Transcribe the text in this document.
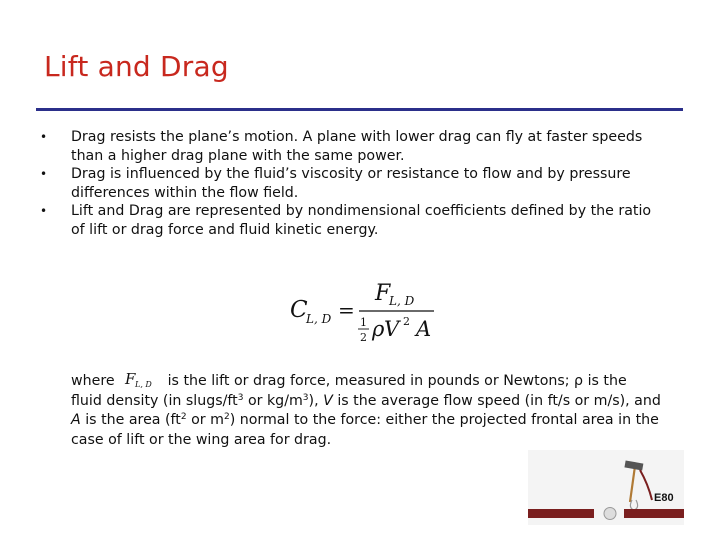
Lift and Drag
• Drag resists the plane’s motion. A plane with lower drag can fly at faster speeds than a higher drag plane with the same power.
• Drag is influenced by the fluid’s viscosity or resistance to flow and by pressure differences within the flow field.
• Lift and Drag are represented by nondimensional coefficients defined by the ratio of lift or drag force and fluid kinetic energy.
C
L, D =
F
L, D
1
2 ρ V 2 A
where F L, D is the lift or drag force, measured in pounds or Newtons; ρ is the fluid density (in slugs/$ft^3$ or $kg/m^3$), V is the average flow speed (in ft/s or m/s), and A is the area ($ft^2$ or $m^2$) normal to the force: either the projected frontal area in the case of lift or the wing area for drag.
E80
